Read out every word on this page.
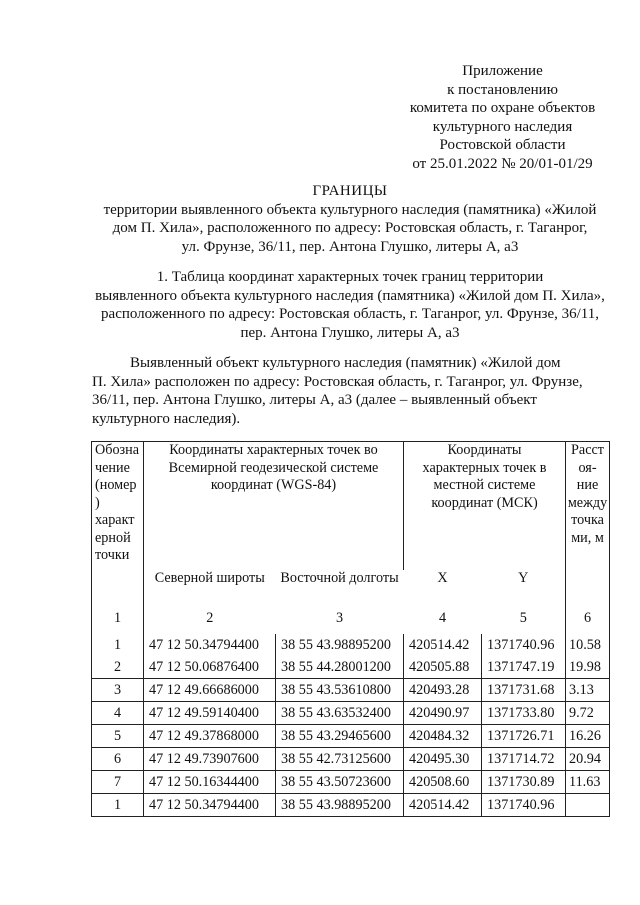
Приложение
к постановлению
комитета по охране объектов
культурного наследия
Ростовской области
от 25.01.2022 № 20/01-01/29
ГРАНИЦЫ
территории выявленного объекта культурного наследия (памятника) «Жилой
дом П. Хила», расположенного по адресу: Ростовская область, г. Таганрог,
ул. Фрунзе, 36/11, пер. Антона Глушко, литеры А, а3
1. Таблица координат характерных точек границ территории
выявленного объекта культурного наследия (памятника) «Жилой дом П. Хила»,
расположенного по адресу: Ростовская область, г. Таганрог, ул. Фрунзе, 36/11,
пер. Антона Глушко, литеры А, а3
Выявленный объект культурного наследия (памятник) «Жилой дом
П. Хила» расположен по адресу: Ростовская область, г. Таганрог, ул. Фрунзе,
36/11, пер. Антона Глушко, литеры А, а3 (далее – выявленный объект
культурного наследия).
Обозна чение (номер ) характ ерной точки	Координаты характерных точек во Всемирной геодезической системе координат (WGS-84)		Координаты характерных точек в местной системе координат (МСК)		Расст оя- ние между точка ми, м
	Северной широты	Восточной долготы	X	Y	
1	2	3	4	5	6
1	47 12 50.34794400	38 55 43.98895200	420514.42	1371740.96	10.58
2	47 12 50.06876400	38 55 44.28001200	420505.88	1371747.19	19.98
3	47 12 49.66686000	38 55 43.53610800	420493.28	1371731.68	3.13
4	47 12 49.59140400	38 55 43.63532400	420490.97	1371733.80	9.72
5	47 12 49.37868000	38 55 43.29465600	420484.32	1371726.71	16.26
6	47 12 49.73907600	38 55 42.73125600	420495.30	1371714.72	20.94
7	47 12 50.16344400	38 55 43.50723600	420508.60	1371730.89	11.63
1	47 12 50.34794400	38 55 43.98895200	420514.42	1371740.96	
